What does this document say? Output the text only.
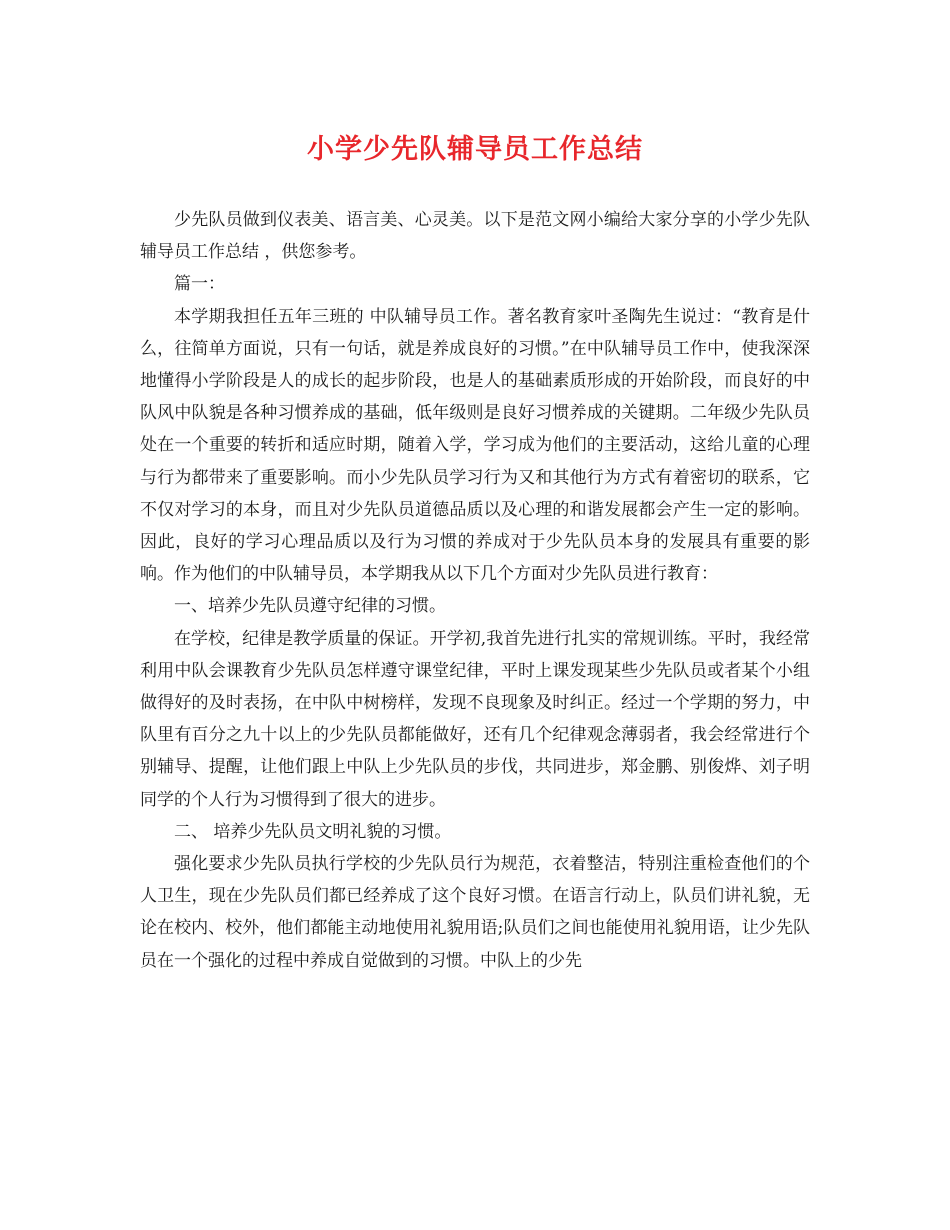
小学少先队辅导员工作总结

少先队员做到仪表美、语言美、心灵美。以下是范文网小编给大家分享的小学少先队辅导员工作总结 ，供您参考。

篇一：

本学期我担任五年三班的 中队辅导员工作。著名教育家叶圣陶先生说过：“教育是什么，往简单方面说，只有一句话，就是养成良好的习惯。”在中队辅导员工作中，使我深深地懂得小学阶段是人的成长的起步阶段，也是人的基础素质形成的开始阶段，而良好的中队风中队貌是各种习惯养成的基础，低年级则是良好习惯养成的关键期。二年级少先队员处在一个重要的转折和适应时期，随着入学，学习成为他们的主要活动，这给儿童的心理与行为都带来了重要影响。而小少先队员学习行为又和其他行为方式有着密切的联系，它不仅对学习的本身，而且对少先队员道德品质以及心理的和谐发展都会产生一定的影响。因此，良好的学习心理品质以及行为习惯的养成对于少先队员本身的发展具有重要的影响。作为他们的中队辅导员，本学期我从以下几个方面对少先队员进行教育：

一、培养少先队员遵守纪律的习惯。

在学校，纪律是教学质量的保证。开学初,我首先进行扎实的常规训练。平时，我经常利用中队会课教育少先队员怎样遵守课堂纪律，平时上课发现某些少先队员或者某个小组做得好的及时表扬，在中队中树榜样，发现不良现象及时纠正。经过一个学期的努力，中队里有百分之九十以上的少先队员都能做好，还有几个纪律观念薄弱者，我会经常进行个别辅导、提醒，让他们跟上中队上少先队员的步伐，共同进步，郑金鹏、别俊烨、刘子明同学的个人行为习惯得到了很大的进步。

二、 培养少先队员文明礼貌的习惯。

强化要求少先队员执行学校的少先队员行为规范，衣着整洁，特别注重检查他们的个人卫生，现在少先队员们都已经养成了这个良好习惯。在语言行动上，队员们讲礼貌，无论在校内、校外，他们都能主动地使用礼貌用语;队员们之间也能使用礼貌用语，让少先队员在一个强化的过程中养成自觉做到的习惯。中队上的少先
